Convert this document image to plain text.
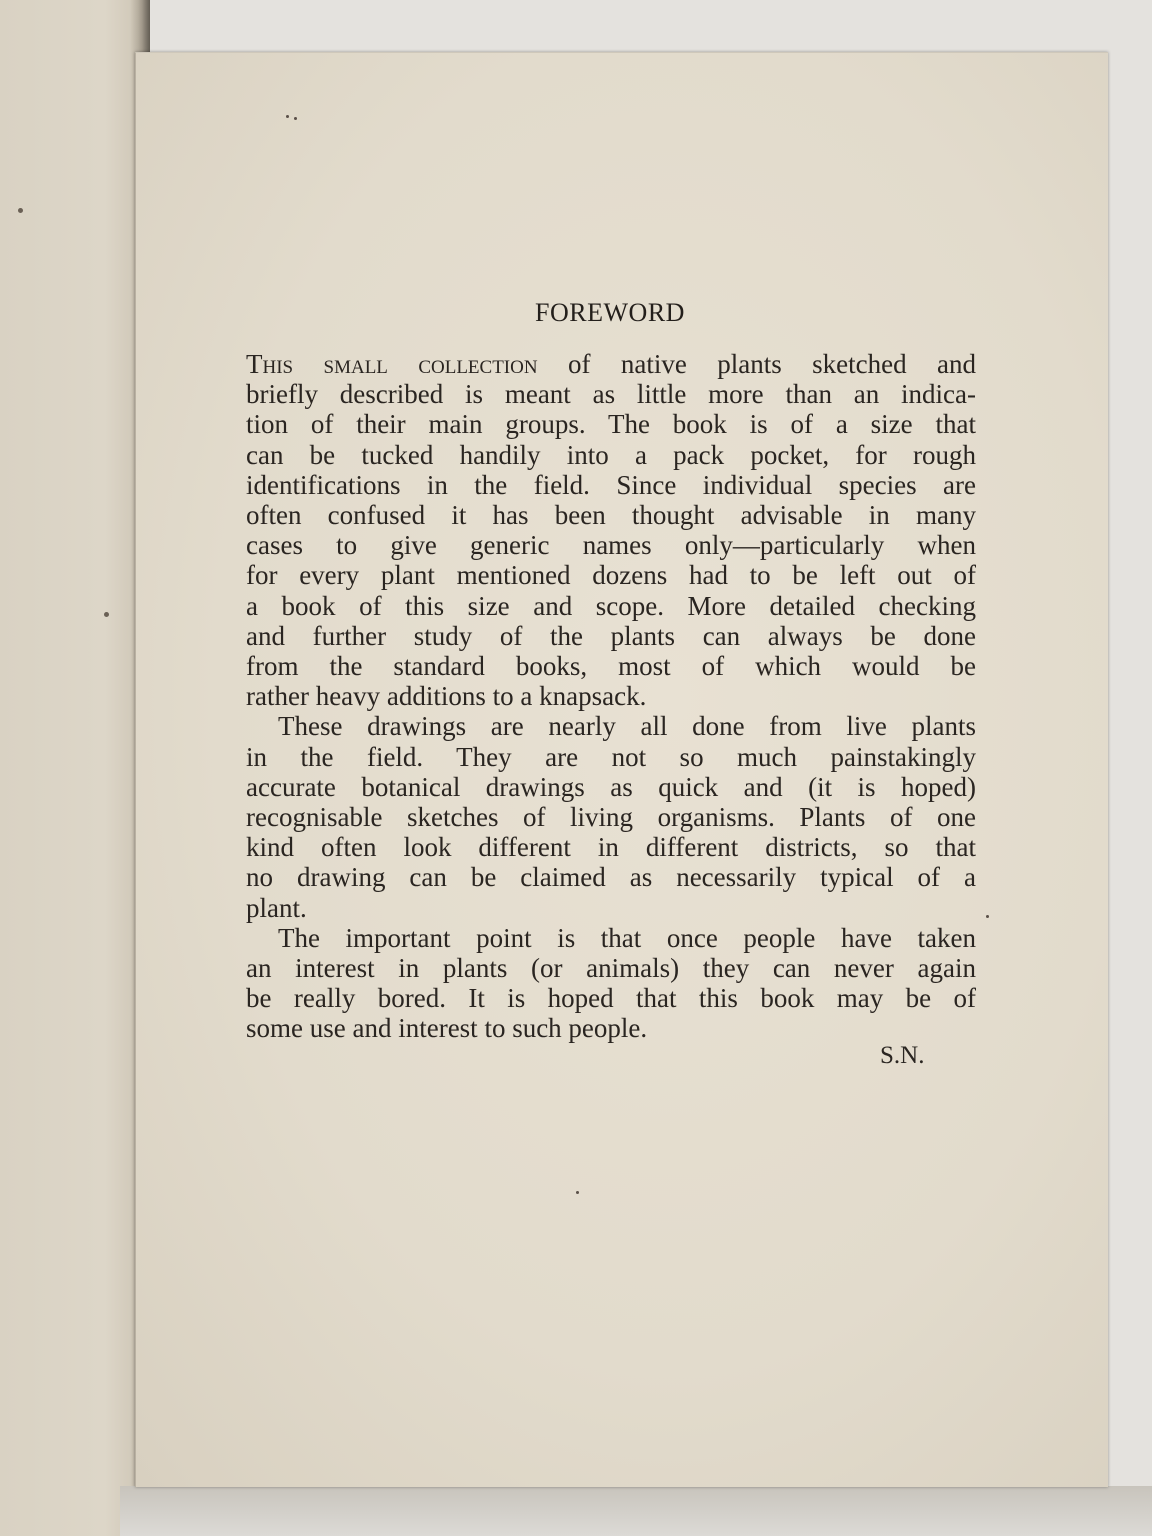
FOREWORD
This small collection of native plants sketched and
briefly described is meant as little more than an indica-
tion of their main groups. The book is of a size that
can be tucked handily into a pack pocket, for rough
identifications in the field. Since individual species are
often confused it has been thought advisable in many
cases to give generic names only—particularly when
for every plant mentioned dozens had to be left out of
a book of this size and scope. More detailed checking
and further study of the plants can always be done
from the standard books, most of which would be
rather heavy additions to a knapsack.
These drawings are nearly all done from live plants
in the field. They are not so much painstakingly
accurate botanical drawings as quick and (it is hoped)
recognisable sketches of living organisms. Plants of one
kind often look different in different districts, so that
no drawing can be claimed as necessarily typical of a
plant.
The important point is that once people have taken
an interest in plants (or animals) they can never again
be really bored. It is hoped that this book may be of
some use and interest to such people.
S.N.
